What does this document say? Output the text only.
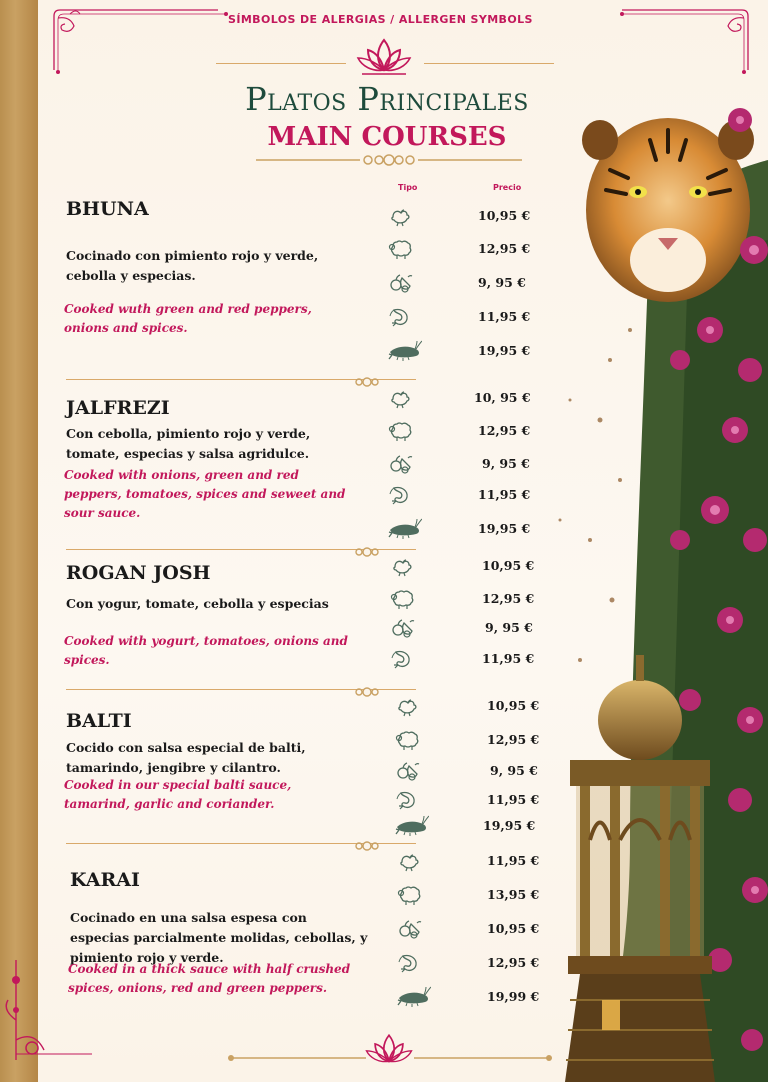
SÍMBOLOS DE ALERGIAS / ALLERGEN SYMBOLS
Platos Principales
MAIN COURSES
Tipo	Precio
BHUNA
Cocinado con pimiento rojo y verde, cebolla y especias.
Cooked wuth green and red peppers, onions and spices.
10,95 €
12,95 €
9, 95 €
11,95 €
19,95 €
JALFREZI
Con cebolla, pimiento rojo y verde, tomate, especias y salsa agridulce.
Cooked with onions, green and red peppers, tomatoes, spices and seweet and sour sauce.
10, 95 €
12,95 €
9, 95 €
11,95 €
19,95 €
ROGAN JOSH
Con yogur, tomate, cebolla y especias
Cooked with yogurt, tomatoes, onions and spices.
10,95 €
12,95 €
9, 95 €
11,95 €
BALTI
Cocido con salsa especial de balti, tamarindo, jengibre y cilantro.
Cooked in our special balti sauce, tamarind, garlic and coriander.
10,95 €
12,95 €
9, 95 €
11,95 €
19,95 €
KARAI
Cocinado en una salsa espesa con especias parcialmente molidas, cebollas, y pimiento rojo y verde.
Cooked in a thick sauce with half crushed spices, onions, red and green peppers.
11,95 €
13,95 €
10,95 €
12,95 €
19,99 €
